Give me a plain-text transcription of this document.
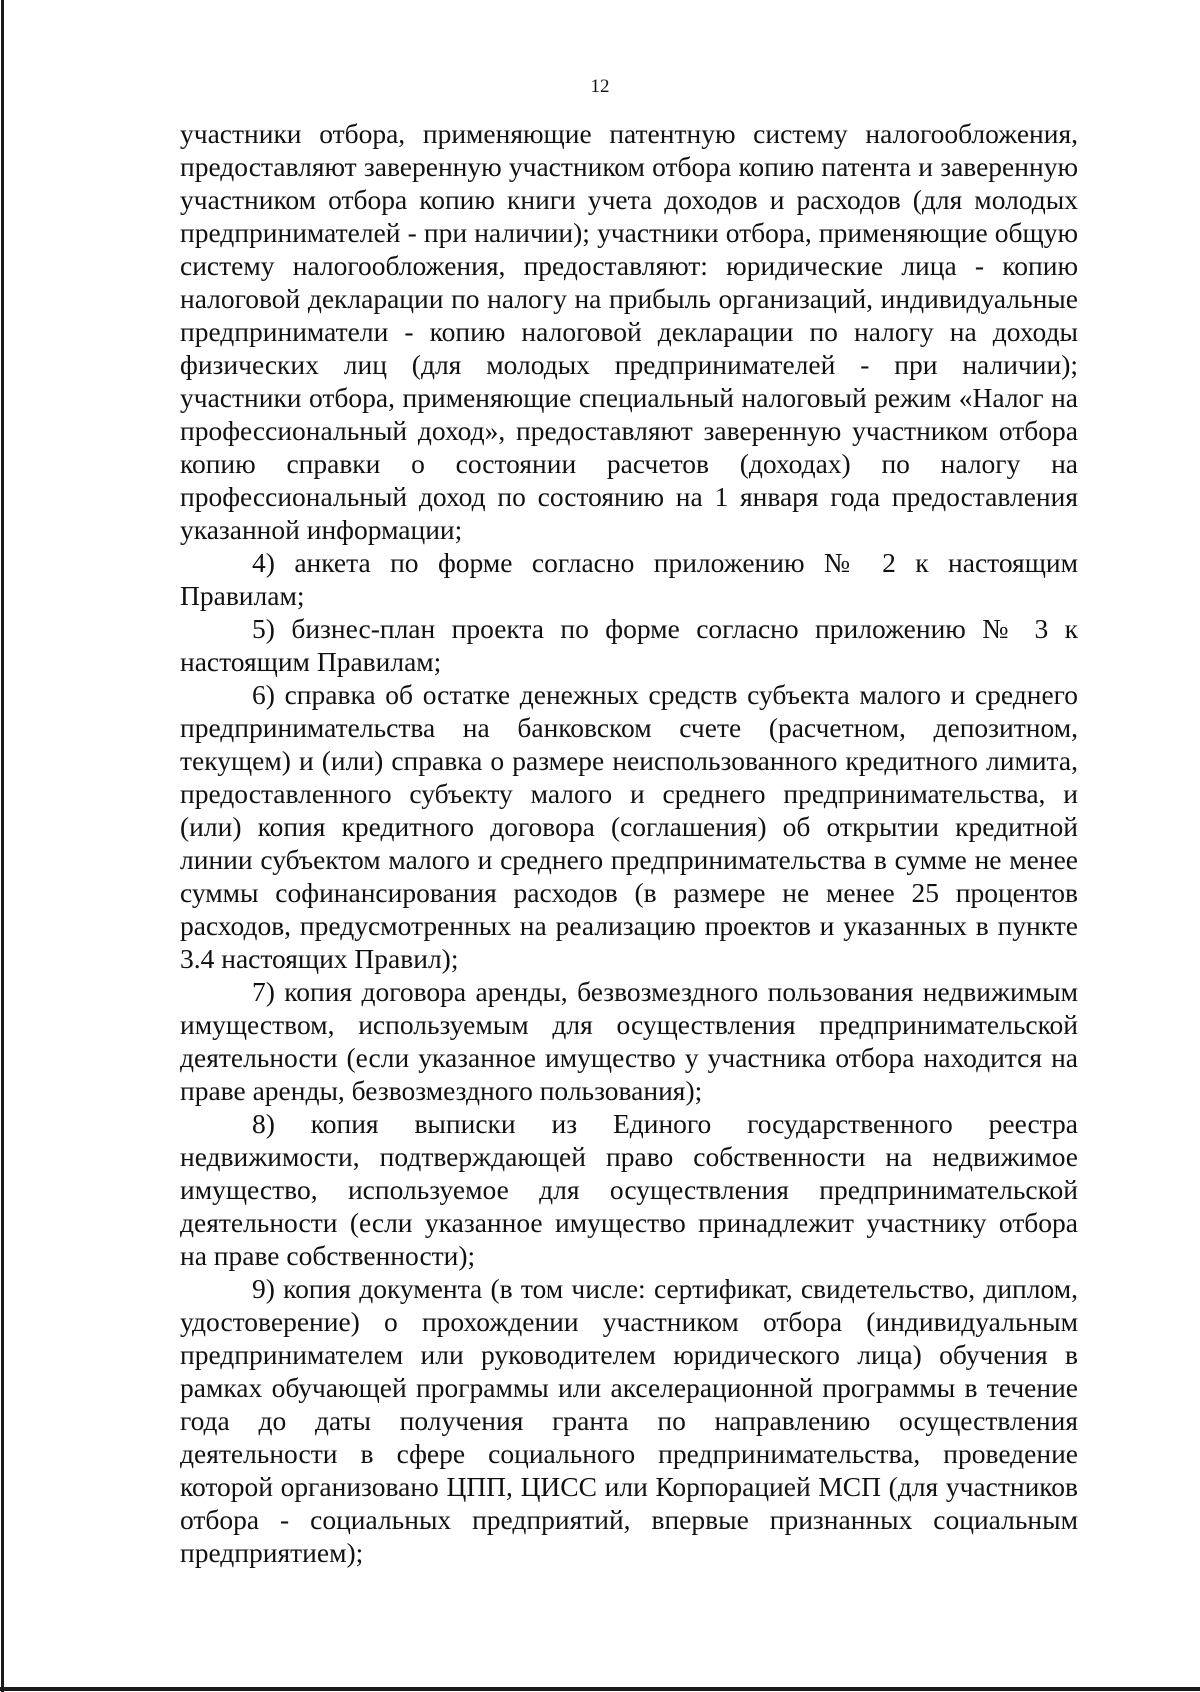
12

участники отбора, применяющие патентную систему налогообложения, предоставляют заверенную участником отбора копию патента и заверенную участником отбора копию книги учета доходов и расходов (для молодых предпринимателей - при наличии); участники отбора, применяющие общую систему налогообложения, предоставляют: юридические лица - копию налоговой декларации по налогу на прибыль организаций, индивидуальные предприниматели - копию налоговой декларации по налогу на доходы физических лиц (для молодых предпринимателей - при наличии); участники отбора, применяющие специальный налоговый режим «Налог на профессиональный доход», предоставляют заверенную участником отбора копию справки о состоянии расчетов (доходах) по налогу на профессиональный доход по состоянию на 1 января года предоставления указанной информации;

4) анкета по форме согласно приложению № 2 к настоящим Правилам;

5) бизнес-план проекта по форме согласно приложению № 3 к настоящим Правилам;

6) справка об остатке денежных средств субъекта малого и среднего предпринимательства на банковском счете (расчетном, депозитном, текущем) и (или) справка о размере неиспользованного кредитного лимита, предоставленного субъекту малого и среднего предпринимательства, и (или) копия кредитного договора (соглашения) об открытии кредитной линии субъектом малого и среднего предпринимательства в сумме не менее суммы софинансирования расходов (в размере не менее 25 процентов расходов, предусмотренных на реализацию проектов и указанных в пункте 3.4 настоящих Правил);

7) копия договора аренды, безвозмездного пользования недвижимым имуществом, используемым для осуществления предпринимательской деятельности (если указанное имущество у участника отбора находится на праве аренды, безвозмездного пользования);

8) копия выписки из Единого государственного реестра недвижимости, подтверждающей право собственности на недвижимое имущество, используемое для осуществления предпринимательской деятельности (если указанное имущество принадлежит участнику отбора на праве собственности);

9) копия документа (в том числе: сертификат, свидетельство, диплом, удостоверение) о прохождении участником отбора (индивидуальным предпринимателем или руководителем юридического лица) обучения в рамках обучающей программы или акселерационной программы в течение года до даты получения гранта по направлению осуществления деятельности в сфере социального предпринимательства, проведение которой организовано ЦПП, ЦИСС или Корпорацией МСП (для участников отбора - социальных предприятий, впервые признанных социальным предприятием);
